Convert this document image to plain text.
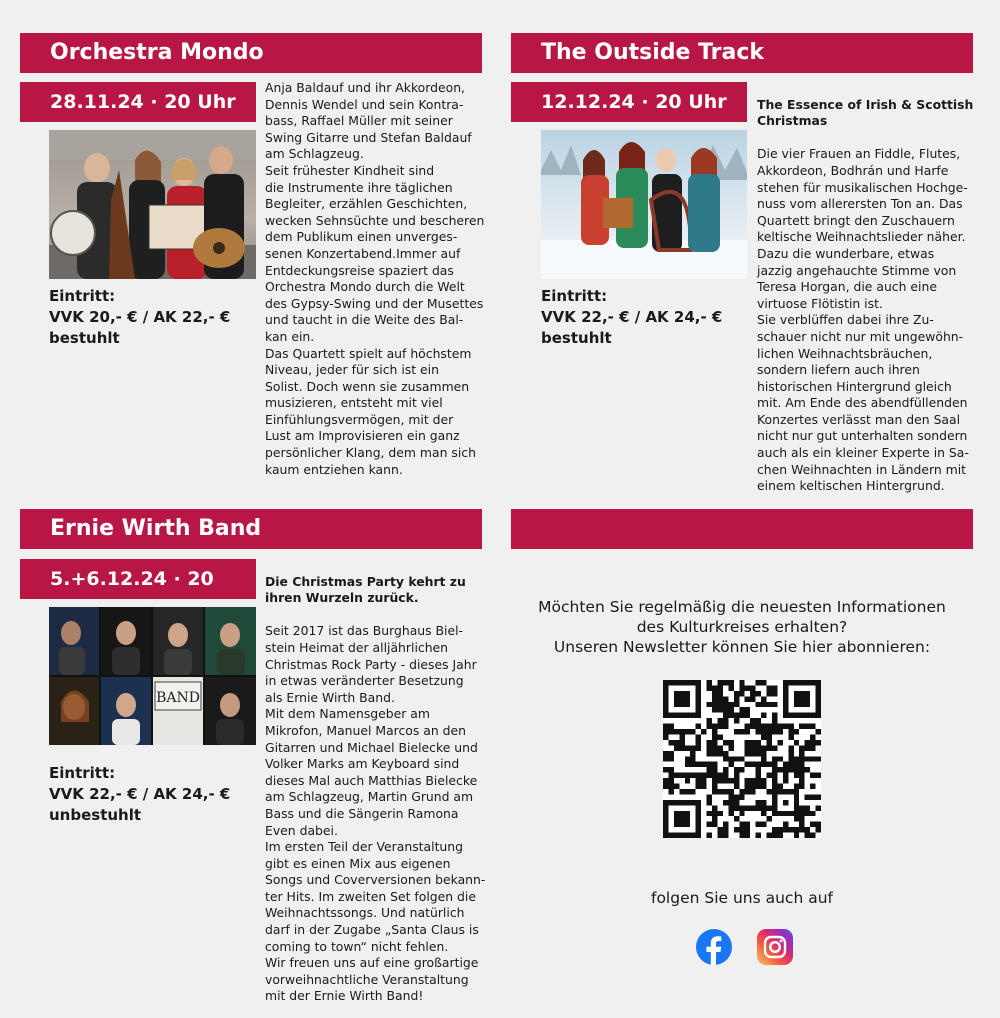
Orchestra Mondo
28.11.24 · 20 Uhr
Eintritt:
VVK 20,- € / AK 22,- €
bestuhlt
Anja Baldauf und ihr Akkordeon,
Dennis Wendel und sein Kontra-
bass, Raffael Müller mit seiner
Swing Gitarre und Stefan Baldauf
am Schlagzeug.
Seit frühester Kindheit sind
die Instrumente ihre täglichen
Begleiter, erzählen Geschichten,
wecken Sehnsüchte und bescheren
dem Publikum einen unverges-
senen Konzertabend.Immer auf
Entdeckungsreise spaziert das
Orchestra Mondo durch die Welt
des Gypsy-Swing und der Musettes
und taucht in die Weite des Bal-
kan ein.
Das Quartett spielt auf höchstem
Niveau, jeder für sich ist ein
Solist. Doch wenn sie zusammen
musizieren, entsteht mit viel
Einfühlungsvermögen, mit der
Lust am Improvisieren ein ganz
persönlicher Klang, dem man sich
kaum entziehen kann.
The Outside Track
12.12.24 · 20 Uhr
Eintritt:
VVK 22,- € / AK 24,- €
bestuhlt

The Essence of Irish & Scottish
Christmas

Die vier Frauen an Fiddle, Flutes,
Akkordeon, Bodhrán und Harfe
stehen für musikalischen Hochge-
nuss vom allerersten Ton an. Das
Quartett bringt den Zuschauern
keltische Weihnachtslieder näher.
Dazu die wunderbare, etwas
jazzig angehauchte Stimme von
Teresa Horgan, die auch eine
virtuose Flötistin ist.
Sie verblüffen dabei ihre Zu-
schauer nicht nur mit ungewöhn-
lichen Weihnachtsbräuchen,
sondern liefern auch ihren
historischen Hintergrund gleich
mit. Am Ende des abendfüllenden
Konzertes verlässt man den Saal
nicht nur gut unterhalten sondern
auch als ein kleiner Experte in Sa-
chen Weihnachten in Ländern mit
einem keltischen Hintergrund.

Ernie Wirth Band
5.+6.12.24 · 20
BAND
Eintritt:
VVK 22,- € / AK 24,- €
unbestuhlt

Die Christmas Party kehrt zu
ihren Wurzeln zurück.

Seit 2017 ist das Burghaus Biel-
stein Heimat der alljährlichen
Christmas Rock Party - dieses Jahr
in etwas veränderter Besetzung
als Ernie Wirth Band.
Mit dem Namensgeber am
Mikrofon, Manuel Marcos an den
Gitarren und Michael Bielecke und
Volker Marks am Keyboard sind
dieses Mal auch Matthias Bielecke
am Schlagzeug, Martin Grund am
Bass und die Sängerin Ramona
Even dabei.
Im ersten Teil der Veranstaltung
gibt es einen Mix aus eigenen
Songs und Coverversionen bekann-
ter Hits. Im zweiten Set folgen die
Weihnachtssongs. Und natürlich
darf in der Zugabe „Santa Claus is
coming to town“ nicht fehlen.
Wir freuen uns auf eine großartige
vorweihnachtliche Veranstaltung
mit der Ernie Wirth Band!

Möchten Sie regelmäßig die neuesten Informationen
des Kulturkreises erhalten?
Unseren Newsletter können Sie hier abonnieren:
folgen Sie uns auch auf
